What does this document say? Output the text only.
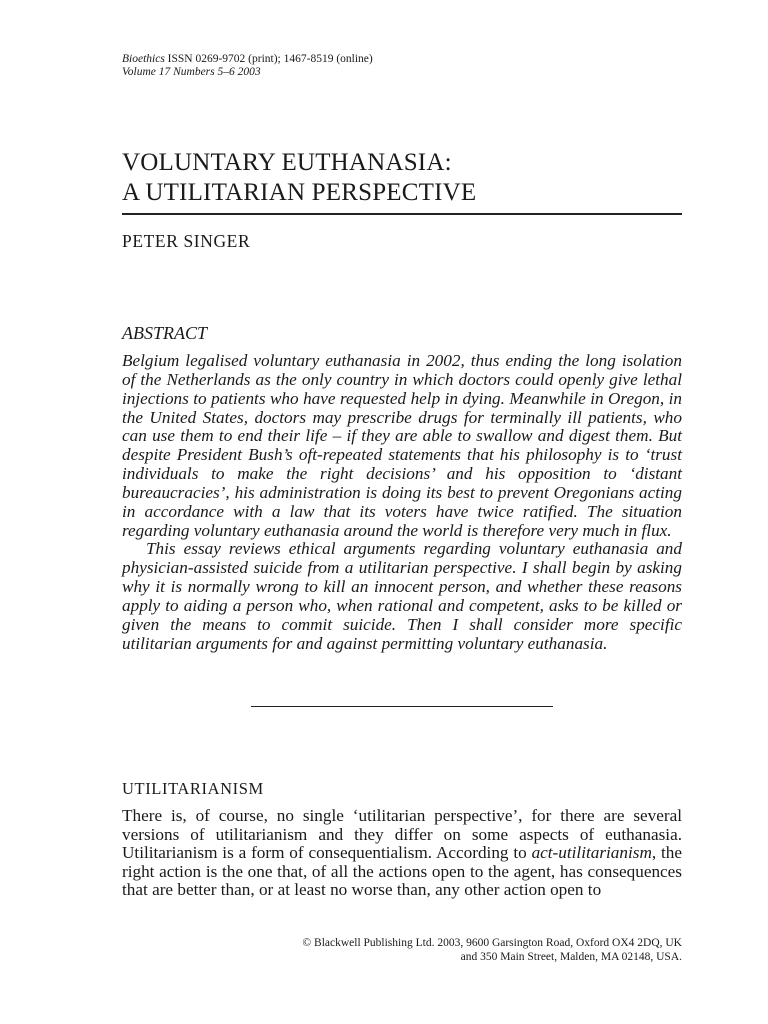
Bioethics ISSN 0269-9702 (print); 1467-8519 (online)
Volume 17 Numbers 5–6 2003
VOLUNTARY EUTHANASIA:
A UTILITARIAN PERSPECTIVE
PETER SINGER
ABSTRACT

Belgium legalised voluntary euthanasia in 2002, thus ending the long isolation of the Netherlands as the only country in which doctors could openly give lethal injections to patients who have requested help in dying. Meanwhile in Oregon, in the United States, doctors may prescribe drugs for terminally ill patients, who can use them to end their life – if they are able to swallow and digest them. But despite President Bush’s oft-repeated statements that his philosophy is to ‘trust individuals to make the right decisions’ and his opposition to ‘distant bureaucracies’, his administration is doing its best to prevent Oregonians acting in accordance with a law that its voters have twice ratified. The situation regarding voluntary euthanasia around the world is therefore very much in flux.

This essay reviews ethical arguments regarding voluntary euthanasia and physician-assisted suicide from a utilitarian perspective. I shall begin by asking why it is normally wrong to kill an innocent person, and whether these reasons apply to aiding a person who, when rational and competent, asks to be killed or given the means to commit suicide. Then I shall consider more specific utilitarian arguments for and against permitting voluntary euthanasia.

UTILITARIANISM

There is, of course, no single ‘utilitarian perspective’, for there are several versions of utilitarianism and they differ on some aspects of euthanasia. Utilitarianism is a form of consequentialism. According to act-utilitarianism, the right action is the one that, of all the actions open to the agent, has consequences that are better than, or at least no worse than, any other action open to

© Blackwell Publishing Ltd. 2003, 9600 Garsington Road, Oxford OX4 2DQ, UK
and 350 Main Street, Malden, MA 02148, USA.
